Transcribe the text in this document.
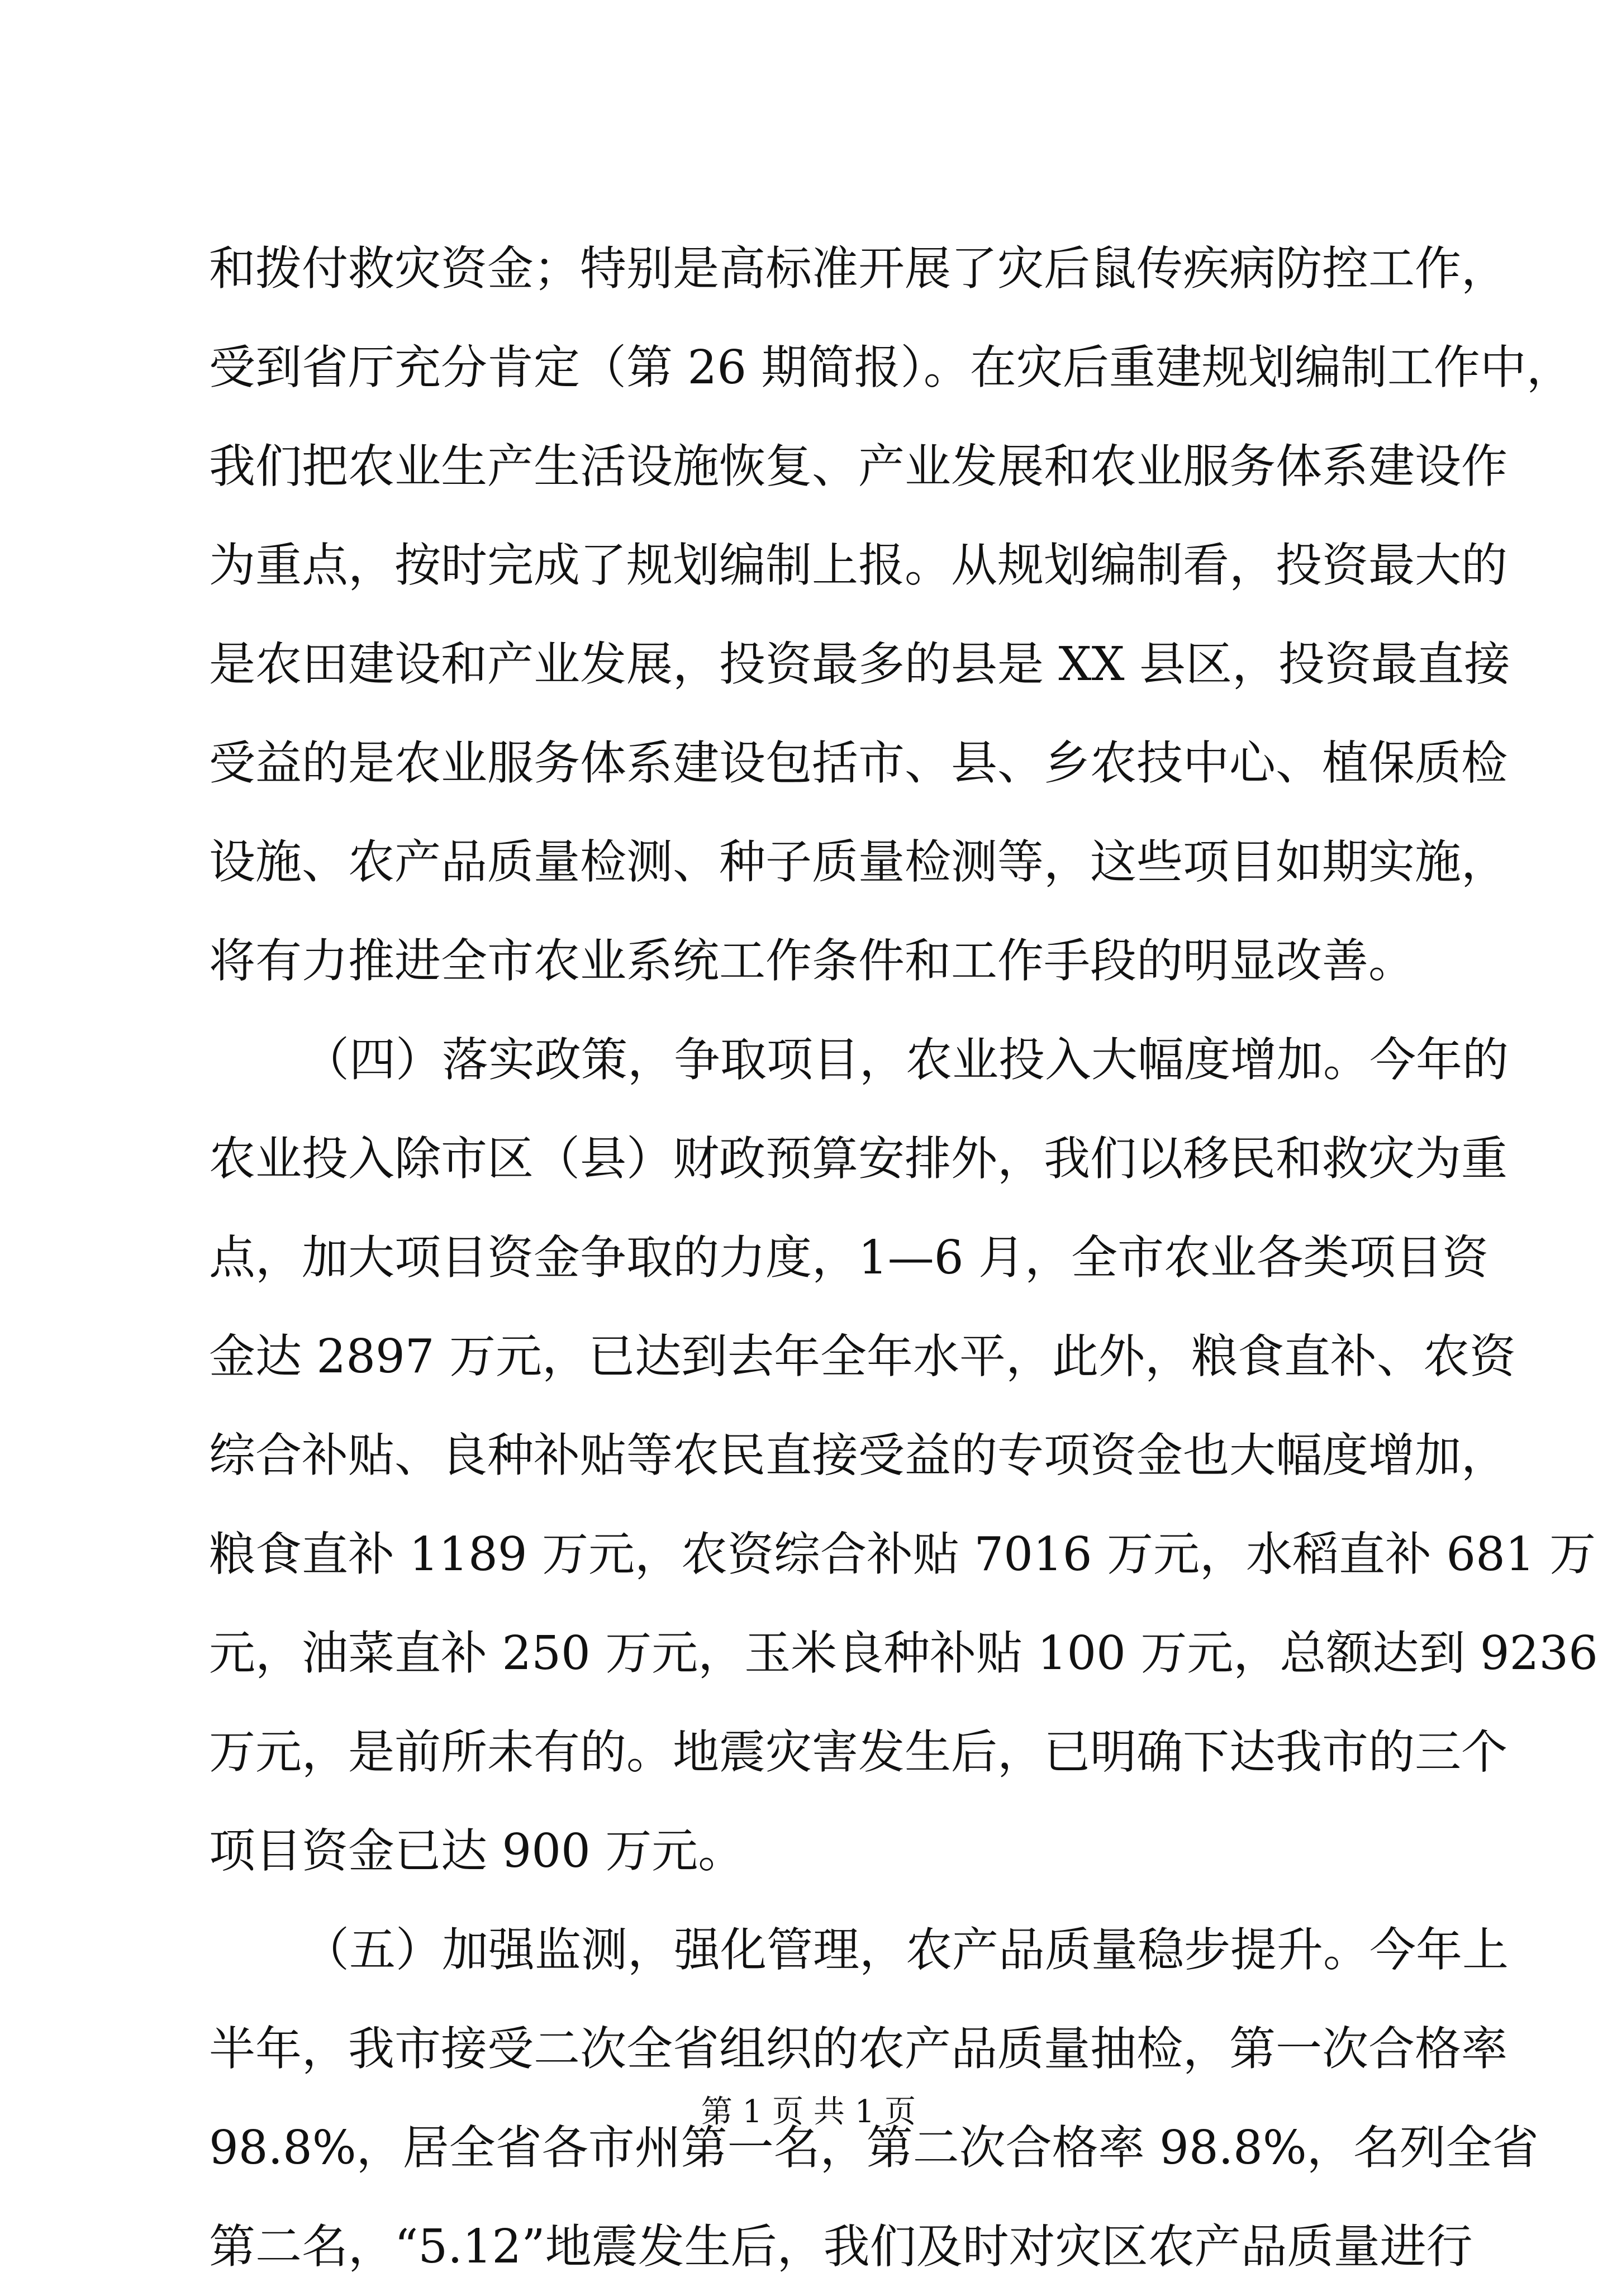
和拨付救灾资金；特别是高标准开展了灾后鼠传疾病防控工作，
受到省厅充分肯定（第 26 期简报）。在灾后重建规划编制工作中，
我们把农业生产生活设施恢复、产业发展和农业服务体系建设作
为重点，按时完成了规划编制上报。从规划编制看，投资最大的
是农田建设和产业发展，投资最多的县是 XX 县区，投资最直接
受益的是农业服务体系建设包括市、县、乡农技中心、植保质检
设施、农产品质量检测、种子质量检测等，这些项目如期实施，
将有力推进全市农业系统工作条件和工作手段的明显改善。
（四）落实政策，争取项目，农业投入大幅度增加。今年的
农业投入除市区（县）财政预算安排外，我们以移民和救灾为重
点，加大项目资金争取的力度，1—6 月，全市农业各类项目资
金达 2897 万元，已达到去年全年水平，此外，粮食直补、农资
综合补贴、良种补贴等农民直接受益的专项资金也大幅度增加，
粮食直补 1189 万元，农资综合补贴 7016 万元，水稻直补 681 万
元，油菜直补 250 万元，玉米良种补贴 100 万元，总额达到 9236
万元，是前所未有的。地震灾害发生后，已明确下达我市的三个
项目资金已达 900 万元。
（五）加强监测，强化管理，农产品质量稳步提升。今年上
半年，我市接受二次全省组织的农产品质量抽检，第一次合格率
98.8%，居全省各市州第一名，第二次合格率 98.8%，名列全省
第二名，“5.12”地震发生后，我们及时对灾区农产品质量进行
第 1 页 共 1 页
